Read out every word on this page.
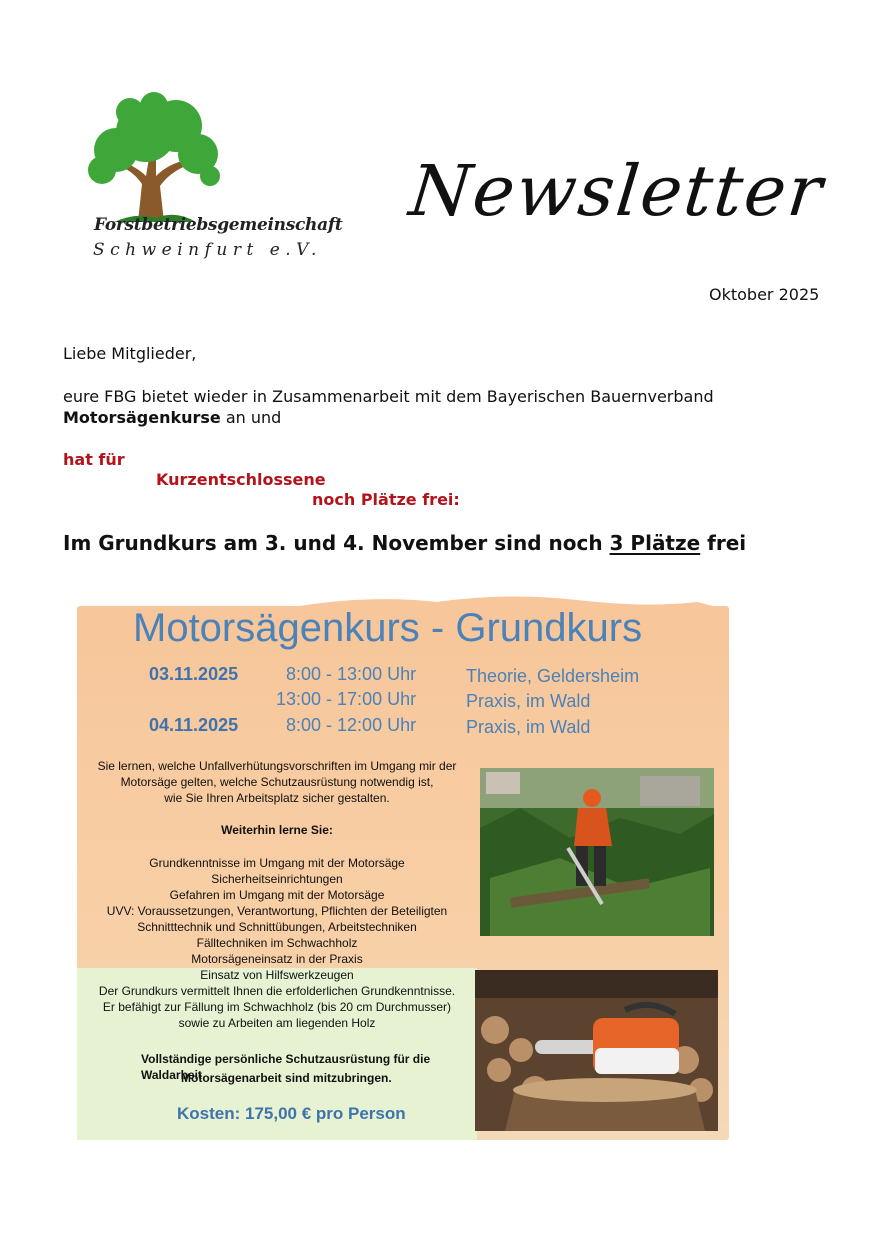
Forstbetriebsgemeinschaft
Schweinfurt e.V.
Newsletter
Oktober 2025
Liebe Mitglieder,
eure FBG bietet wieder in Zusammenarbeit mit dem Bayerischen Bauernverband
Motorsägenkurse an und
hat für
Kurzentschlossene
noch Plätze frei:
Im Grundkurs am 3. und 4. November sind noch 3 Plätze frei
Motorsägenkurs - Grundkurs
03.11.2025	8:00 - 13:00 Uhr	Theorie, Geldersheim
13:00 - 17:00 Uhr	Praxis, im Wald
04.11.2025	8:00 - 12:00 Uhr	Praxis, im Wald
Sie lernen, welche Unfallverhütungsvorschriften im Umgang mir der
Motorsäge gelten, welche Schutzausrüstung notwendig ist,
wie Sie Ihren Arbeitsplatz sicher gestalten.
Weiterhin lerne Sie:
Grundkenntnisse im Umgang mit der Motorsäge
Sicherheitseinrichtungen
Gefahren im Umgang mit der Motorsäge
UVV: Voraussetzungen, Verantwortung, Pflichten der Beteiligten
Schnitttechnik und Schnittübungen, Arbeitstechniken
Fälltechniken im Schwachholz
Motorsägeneinsatz in der Praxis
Einsatz von Hilfswerkzeugen
Der Grundkurs vermittelt Ihnen die erfolderlichen Grundkenntnisse.
Er befähigt zur Fällung im Schwachholz (bis 20 cm Durchmusser)
sowie zu Arbeiten am liegenden Holz
Vollständige persönliche Schutzausrüstung für die
Waldarbeit
Motorsägenarbeit sind mitzubringen.
Kosten: 175,00 € pro Person
